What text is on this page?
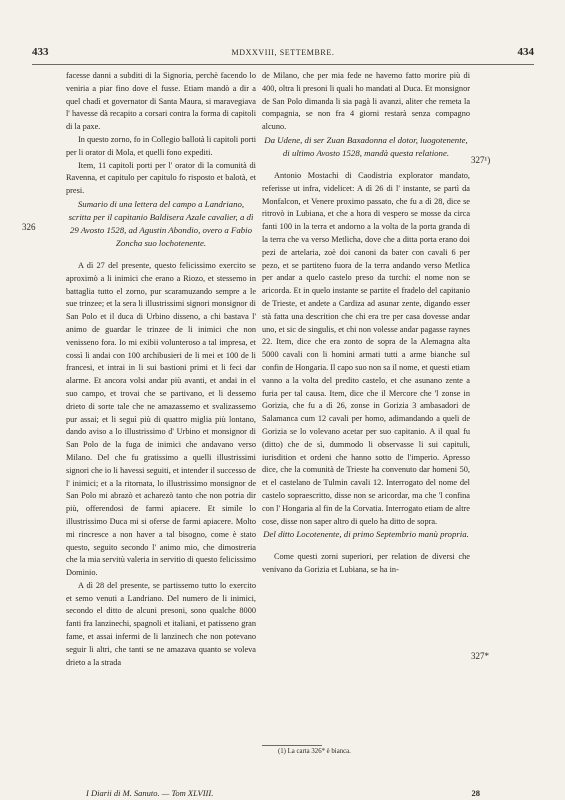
433	MDXXVIII, SETTEMBRE.	434

facesse danni a subditi di la Signoria, perchè facendo lo veniria a piar fino dove el fusse. Etiam mandò a dir a quel chadì et governator di Santa Maura, si maravegiava l' havesse dà recapito a corsari contra la forma di capitoli di la paxe.

In questo zorno, fo in Collegio ballotà li capitoli porti per li orator di Mola, et quelli fono expediti.

Item, 11 capitoli porti per l' orator di la comunità di Ravenna, et capitulo per capitulo fo risposto et balotà, et presi.

Sumario di una lettera del campo a Landriano, scritta per il capitanio Baldisera Azale cavalier, a dì 29 Avosto 1528, ad Agustin Abondio, overo a Fabio Zoncha suo lochotenente.

A dì 27 del presente, questo felicissimo exercito se aproximò a li inimici che erano a Riozo, et stessemo in battaglia tutto el zorno, pur scaramuzando sempre a le sue trinzee; et la sera li illustrissimi signori monsignor di San Polo et il duca di Urbino disseno, a chi bastava l' animo de guardar le trinzee de li inimici che non venisseno fora. Io mi exibii volunteroso a tal impresa, et cossì li andai con 100 archibusieri de li mei et 100 de li francesi, et intrai in li sui bastioni primi et li feci dar alarme. Et ancora volsi andar più avanti, et andai in el suo campo, et trovai che se partivano, et li dessemo drieto di sorte tale che ne amazassemo et svalizassemo pur assai; et li seguì più di quattro miglia più lontano, dando aviso a lo illustrissimo d' Urbino et monsignor di San Polo de la fuga de inimici che andavano verso Milano. Del che fu gratissimo a quelli illustrissimi signori che io li havessi seguiti, et intender il successo de l' inimici; et a la ritornata, lo illustrissimo monsignor de San Polo mi abrazò et acharezò tanto che non potria dir più, offerendosi de farmi apiacere. Et simile lo illustrissimo Duca mi si oferse de farmi apiacere. Molto mi rincresce a non haver a tal bisogno, come è stato questo, seguito secondo l' animo mio, che dimostreria che la mia servitù valeria in servitio di questo felicissimo Dominio.

A dì 28 del presente, se partissemo tutto lo exercito et semo venuti a Landriano. Del numero de li inimici, secondo el ditto de alcuni presoni, sono qualche 8000 fanti fra lanzinechi, spagnoli et italiani, et patisseno gran fame, et assai infermi de li lanzinech che non potevano seguir li altri, che tanti se ne amazava quanto se voleva drieto a la strada

326

de Milano, che per mia fede ne havemo fatto morire più di 400, oltra li presoni li quali ho mandati al Duca. Et monsignor de San Polo dimanda li sia pagà li avanzi, aliter che remeta la compagnia, se non fra 4 giorni restarà senza compagno alcuno.

Da Udene, di ser Zuan Baxadonna el dotor, luogotenente, di ultimo Avosto 1528, mandà questa relatione.

Antonio Mostachi di Caodistria explorator mandato, referisse ut infra, videlicet: A dì 26 di l' instante, se partì da Monfalcon, et Venere proximo passato, che fu a dì 28, dice se ritrovò in Lubiana, et che a hora di vespero se mosse da circa fanti 100 in la terra et andorno a la volta de la porta granda di la terra che va verso Metlicha, dove che a ditta porta erano doi pezi de artelaria, zoè doi canoni da bater con cavali 6 per pezo, et se partiteno fuora de la terra andando verso Metlica per andar a quelo castelo preso da turchi: el nome non se aricorda. Et in quelo instante se partite el fradelo del capitanio de Trieste, et andete a Cardiza ad asunar zente, digando esser stà fatta una descrition che chi era tre per casa dovesse andar uno, et sic de singulis, et chi non volesse andar pagasse raynes 22. Item, dice che era zonto de sopra de la Alemagna alta 5000 cavali con li homini armati tutti a arme bianche sul confin de Hongaria. Il capo suo non sa il nome, et questi etiam vanno a la volta del predito castelo, et che asunano zente a furia per tal causa. Item, dice che il Mercore che 'l zonse in Gorizia, che fu a dì 26, zonse in Gorizia 3 ambasadori de Salamanca cum 12 cavali per homo, adimandando a queli de Gorizia se lo volevano acetar per suo capitanio. A il qual fu (ditto) che de sì, dummodo li observasse li sui capituli, iurisdition et ordeni che hanno sotto de l'imperio. Apresso dice, che la comunità de Trieste ha convenuto dar homeni 50, et el castelano de Tulmin cavali 12. Interrogato del nome del castelo sopraescritto, disse non se aricordar, ma che 'l confina con l' Hongaria al fin de la Corvatia. Interrogato etiam de altre cose, disse non saper altro di quelo ha ditto de sopra.

Del ditto Locotenente, di primo Septembrio manù propria.

Come questi zorni superiori, per relation de diversi che venivano da Gorizia et Lubiana, se ha in-

327¹)
327*
(1) La carta 326* è bianca.
I Diarii di M. Sanuto. — Tom XLVIII.	28
